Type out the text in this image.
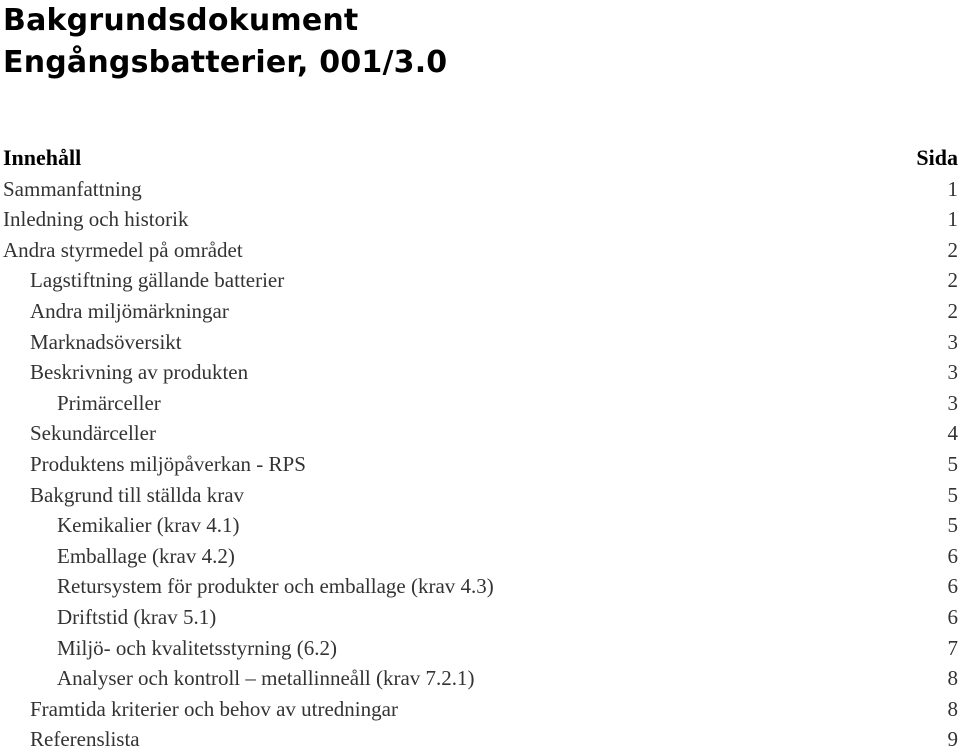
Bakgrundsdokument
Engångsbatterier, 001/3.0
Innehåll	Sida
Sammanfattning	1
Inledning och historik	1
Andra styrmedel på området	2
Lagstiftning gällande batterier	2
Andra miljömärkningar	2
Marknadsöversikt	3
Beskrivning av produkten	3
Primärceller	3
Sekundärceller	4
Produktens miljöpåverkan - RPS	5
Bakgrund till ställda krav	5
Kemikalier (krav 4.1)	5
Emballage (krav 4.2)	6
Retursystem för produkter och emballage (krav 4.3)	6
Driftstid (krav 5.1)	6
Miljö- och kvalitetsstyrning (6.2)	7
Analyser och kontroll – metallinneåll (krav 7.2.1)	8
Framtida kriterier och behov av utredningar	8
Referenslista	9
